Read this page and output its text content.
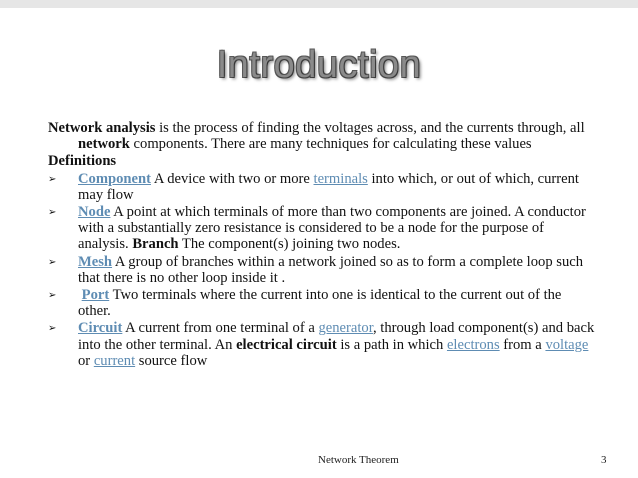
Introduction

Network analysis is the process of finding the voltages across, and the currents through, all network components. There are many techniques for calculating these values

Definitions

➢ Component A device with two or more terminals into which, or out of which, current may flow
➢ Node A point at which terminals of more than two components are joined. A conductor with a substantially zero resistance is considered to be a node for the purpose of analysis. Branch The component(s) joining two nodes.
➢ Mesh A group of branches within a network joined so as to form a complete loop such that there is no other loop inside it .
➢ Port Two terminals where the current into one is identical to the current out of the other.
➢ Circuit A current from one terminal of a generator, through load component(s) and back into the other terminal. An electrical circuit is a path in which electrons from a voltage or current source flow
Network Theorem	3
